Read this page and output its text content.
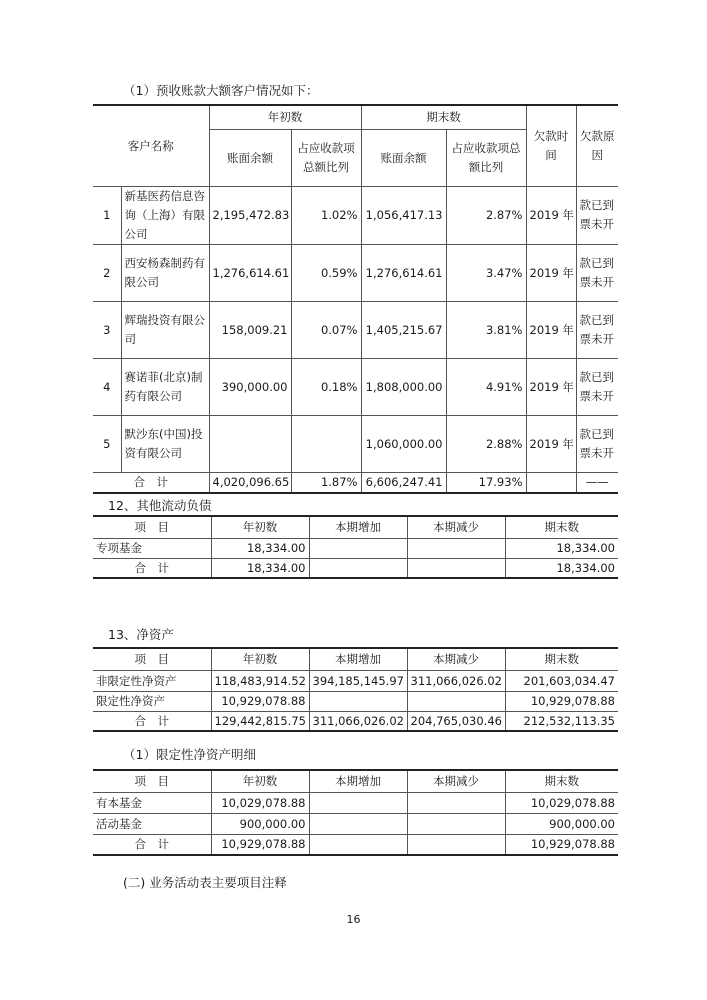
（1）预收账款大额客户情况如下：
客户名称		年初数		期末数		欠款时间	欠款原因
		账面余额	占应收款项总额比列	账面余额	占应收款项总额比列		
1	新基医药信息咨询（上海）有限公司	2,195,472.83	1.02%	1,056,417.13	2.87%	2019 年	款已到票未开
2	西安杨森制药有限公司	1,276,614.61	0.59%	1,276,614.61	3.47%	2019 年	款已到票未开
3	辉瑞投资有限公司	158,009.21	0.07%	1,405,215.67	3.81%	2019 年	款已到票未开
4	赛诺菲(北京)制药有限公司	390,000.00	0.18%	1,808,000.00	4.91%	2019 年	款已到票未开
5	默沙东(中国)投资有限公司			1,060,000.00	2.88%	2019 年	款已到票未开
合　计		4,020,096.65	1.87%	6,606,247.41	17.93%		——
12、其他流动负债
项　目	年初数	本期增加	本期减少	期末数
专项基金	18,334.00			18,334.00
合　计	18,334.00			18,334.00
13、净资产
项　目	年初数	本期增加	本期减少	期末数
非限定性净资产	118,483,914.52	394,185,145.97	311,066,026.02	201,603,034.47
限定性净资产	10,929,078.88			10,929,078.88
合　计	129,442,815.75	311,066,026.02	204,765,030.46	212,532,113.35
（1）限定性净资产明细
项　目	年初数	本期增加	本期减少	期末数
有本基金	10,029,078.88			10,029,078.88
活动基金	900,000.00			900,000.00
合　计	10,929,078.88			10,929,078.88
(二) 业务活动表主要项目注释
16
